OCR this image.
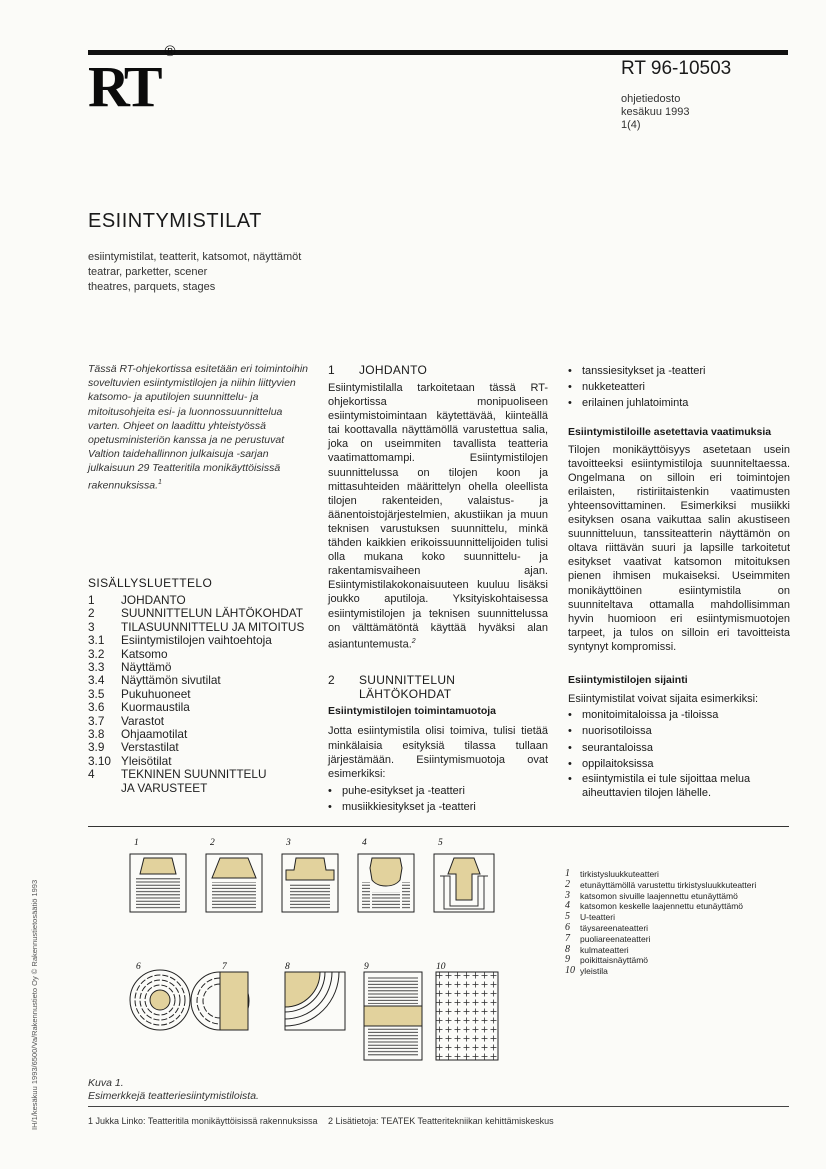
RT®
RT 96-10503
ohjetiedosto
kesäkuu 1993
1(4)
ESIINTYMISTILAT
esiintymistilat, teatterit, katsomot, näyttämöt
teatrar, parketter, scener
theatres, parquets, stages
Tässä RT-ohjekortissa esitetään eri toimintoihin soveltuvien esiintymistilojen ja niihin liittyvien katsomo- ja aputilojen suunnittelu- ja mitoitusohjeita esi- ja luonnossuunnittelua varten. Ohjeet on laadittu yhteistyössä opetusministeriön kanssa ja ne perustuvat Valtion taidehallinnon julkaisuja -sarjan julkaisuun 29 Teatteritila monikäyttöisissä rakennuksissa.$^1$
SISÄLLYSLUETTELO
1	JOHDANTO
2	SUUNNITTELUN LÄHTÖKOHDAT
3	TILASUUNNITTELU JA MITOITUS
3.1	Esiintymistilojen vaihtoehtoja
3.2	Katsomo
3.3	Näyttämö
3.4	Näyttämön sivutilat
3.5	Pukuhuoneet
3.6	Kuormaustila
3.7	Varastot
3.8	Ohjaamotilat
3.9	Verstastilat
3.10 Yleisötilat
4	TEKNINEN SUUNNITTELU
JA VARUSTEET
1	JOHDANTO

Esiintymistilalla tarkoitetaan tässä RT-ohjekortissa monipuoliseen esiintymistoimintaan käytettävää, kiinteällä tai koottavalla näyttämöllä varustettua salia, joka on useimmiten tavallista teatteria vaatimattomampi. Esiintymistilojen suunnittelussa on tilojen koon ja mittasuhteiden määrittelyn ohella oleellista tilojen rakenteiden, valaistus- ja äänentoistojärjestelmien, akustiikan ja muun teknisen varustuksen suunnittelu, minkä tähden kaikkien erikoissuunnittelijoiden tulisi olla mukana koko suunnittelu- ja rakentamisvaiheen ajan. Esiintymistilakokonaisuuteen kuuluu lisäksi joukko aputiloja. Yksityiskohtaisessa esiintymistilojen ja teknisen suunnittelussa on välttämätöntä käyttää hyväksi alan asiantuntemusta.$^2$

2	SUUNNITTELUN
LÄHTÖKOHDAT

Esiintymistilojen toimintamuotoja

Jotta esiintymistila olisi toimiva, tulisi tietää minkälaisia esityksiä tilassa tullaan järjestämään. Esiintymismuotoja ovat esimerkiksi:

• puhe-esitykset ja -teatteri
• musiikkiesitykset ja -teatteri
• tanssiesitykset ja -teatteri
• nukketeatteri
• erilainen juhlatoiminta

Esiintymistiloille asetettavia vaatimuksia

Tilojen monikäyttöisyys asetetaan usein tavoitteeksi esiintymistiloja suunniteltaessa. Ongelmana on silloin eri toimintojen erilaisten, ristiriitaistenkin vaatimusten yhteensovittaminen. Esimerkiksi musiikki esityksen osana vaikuttaa salin akustiseen suunnitteluun, tanssiteatterin näyttämön on oltava riittävän suuri ja lapsille tarkoitetut esitykset vaativat katsomon mitoituksen pienen ihmisen mukaiseksi. Useimmiten monikäyttöinen esiintymistila on suunniteltava ottamalla mahdollisimman hyvin huomioon eri esiintymismuotojen tarpeet, ja tulos on silloin eri tavoitteista syntynyt kompromissi.

Esiintymistilojen sijainti

Esiintymistilat voivat sijaita esimerkiksi:

• monitoimitaloissa ja -tiloissa
• nuorisotiloissa
• seurantaloissa
• oppilaitoksissa
• esiintymistila ei tule sijoittaa melua aiheuttavien tilojen lähelle.
1	2	3	4	5
6	7	8	9	10
1	tirkistysluukkuteatteri
2	etunäyttämöllä varustettu tirkistysluukkuteatteri
3	katsomon sivuille laajennettu etunäyttämö
4	katsomon keskelle laajennettu etunäyttämö
5	U-teatteri
6	täysareenateatteri
7	puoliareenateatteri
8	kulmateatteri
9	poikittaisnäyttämö
10 yleistila
Kuva 1.
Esimerkkejä teatteriesiintymistiloista.
IH/1/kesäkuu 1993/6500/Va/Rakennustieto Oy © Rakennustietosäätiö 1993	1 Jukka Linko: Teatteritila monikäyttöisissä rakennuksissa 2 Lisätietoja: TEATEK Teatteritekniikan kehittämiskeskus
